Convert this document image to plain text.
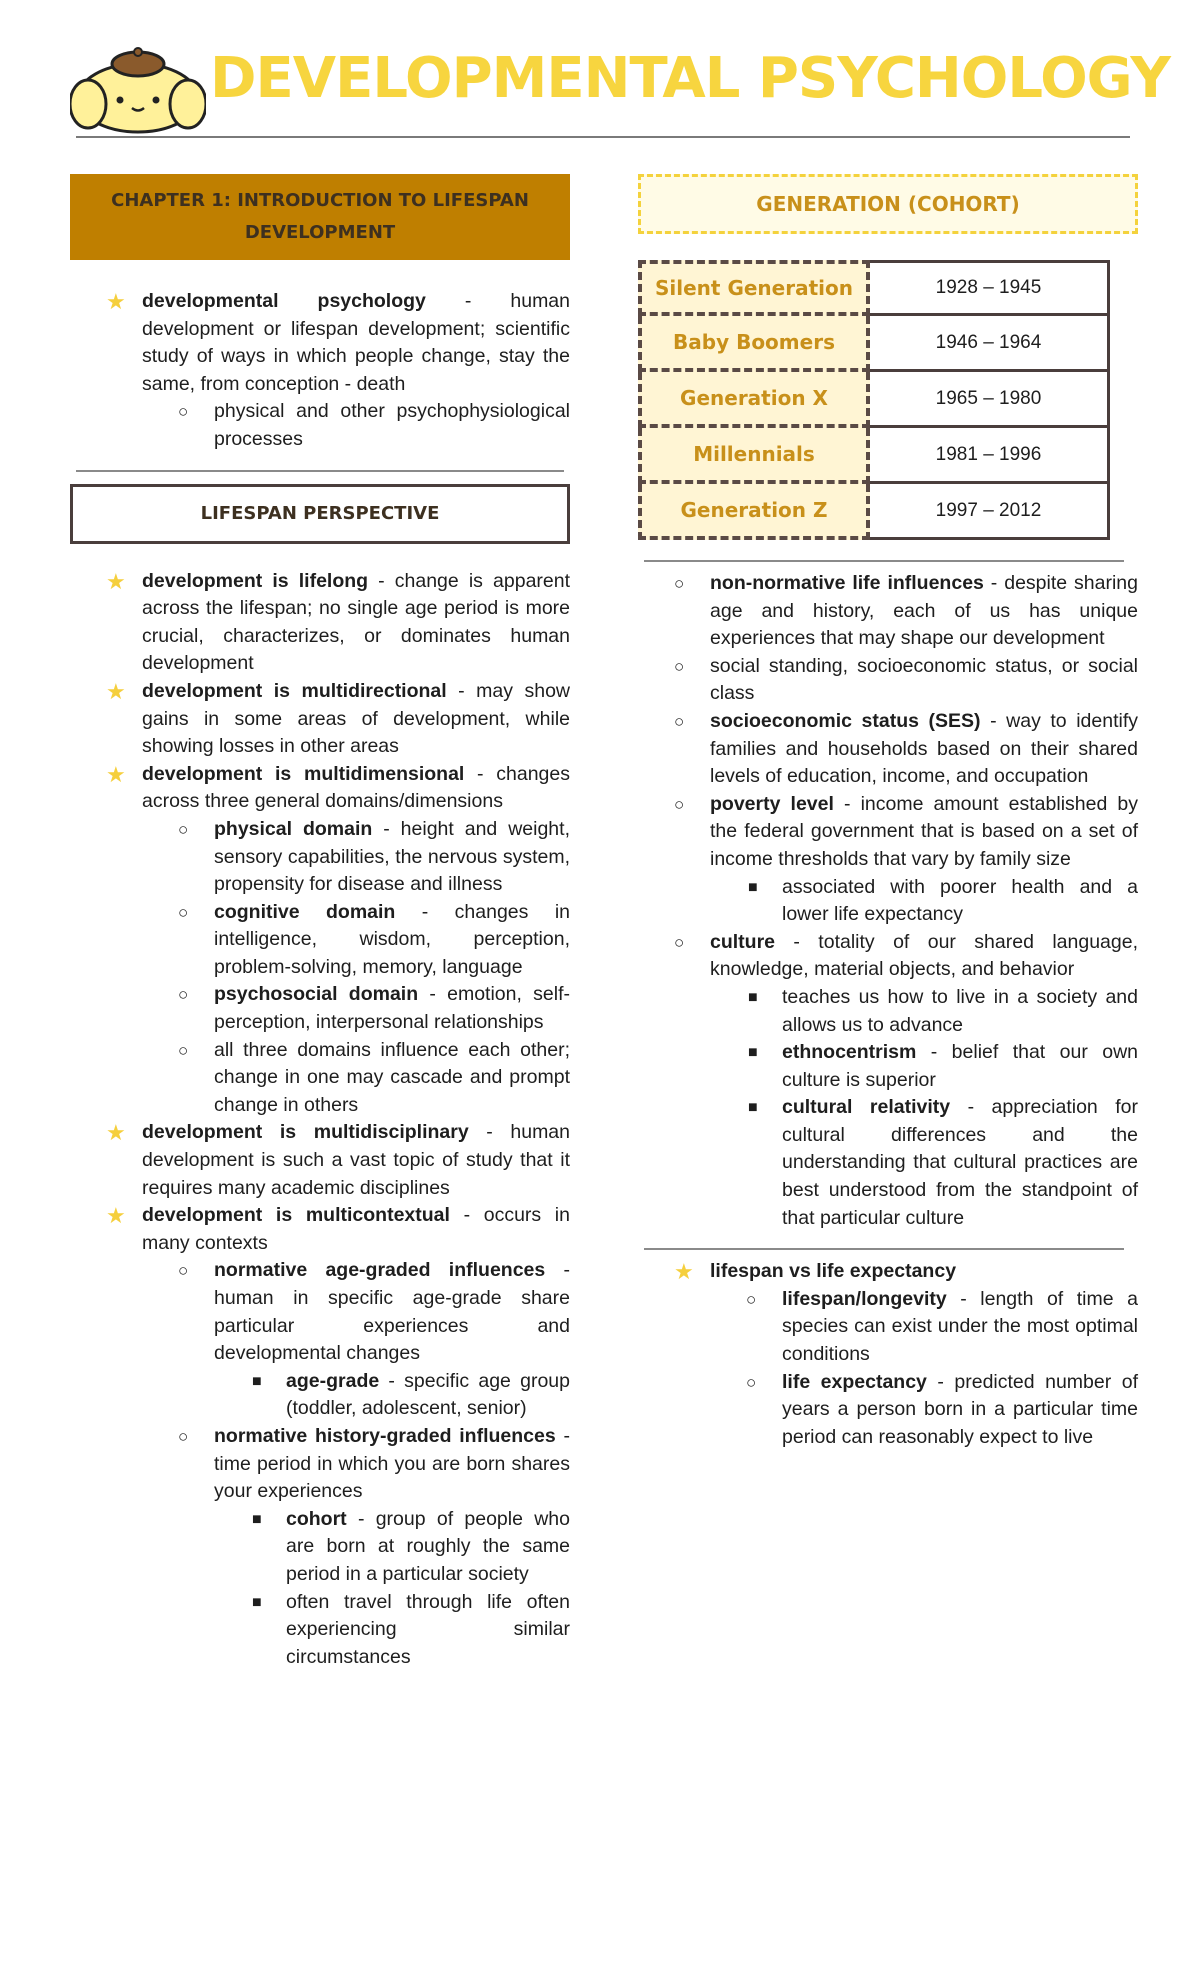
DEVELOPMENTAL PSYCHOLOGY
CHAPTER 1: INTRODUCTION TO LIFESPAN DEVELOPMENT
★ developmental psychology - human development or lifespan development; scientific study of ways in which people change, stay the same, from conception - death
○ physical and other psychophysiological processes
LIFESPAN PERSPECTIVE
★ development is lifelong - change is apparent across the lifespan; no single age period is more crucial, characterizes, or dominates human development
★ development is multidirectional - may show gains in some areas of development, while showing losses in other areas
★ development is multidimensional - changes across three general domains/dimensions
○ physical domain - height and weight, sensory capabilities, the nervous system, propensity for disease and illness
○ cognitive domain - changes in intelligence, wisdom, perception, problem-solving, memory, language
○ psychosocial domain - emotion, self-perception, interpersonal relationships
○ all three domains influence each other; change in one may cascade and prompt change in others
★ development is multidisciplinary - human development is such a vast topic of study that it requires many academic disciplines
★ development is multicontextual - occurs in many contexts
○ normative age-graded influences - human in specific age-grade share particular experiences and developmental changes
■ age-grade - specific age group (toddler, adolescent, senior)
○ normative history-graded influences - time period in which you are born shares your experiences
■ cohort - group of people who are born at roughly the same period in a particular society
■ often travel through life often experiencing similar circumstances
GENERATION (COHORT)
Silent Generation	1928 – 1945
Baby Boomers	1946 – 1964
Generation X	1965 – 1980
Millennials	1981 – 1996
Generation Z	1997 – 2012
○ non-normative life influences - despite sharing age and history, each of us has unique experiences that may shape our development
○ social standing, socioeconomic status, or social class
○ socioeconomic status (SES) - way to identify families and households based on their shared levels of education, income, and occupation
○ poverty level - income amount established by the federal government that is based on a set of income thresholds that vary by family size
■ associated with poorer health and a lower life expectancy
○ culture - totality of our shared language, knowledge, material objects, and behavior
■ teaches us how to live in a society and allows us to advance
■ ethnocentrism - belief that our own culture is superior
■ cultural relativity - appreciation for cultural differences and the understanding that cultural practices are best understood from the standpoint of that particular culture
★ lifespan vs life expectancy
○ lifespan/longevity - length of time a species can exist under the most optimal conditions
○ life expectancy - predicted number of years a person born in a particular time period can reasonably expect to live
